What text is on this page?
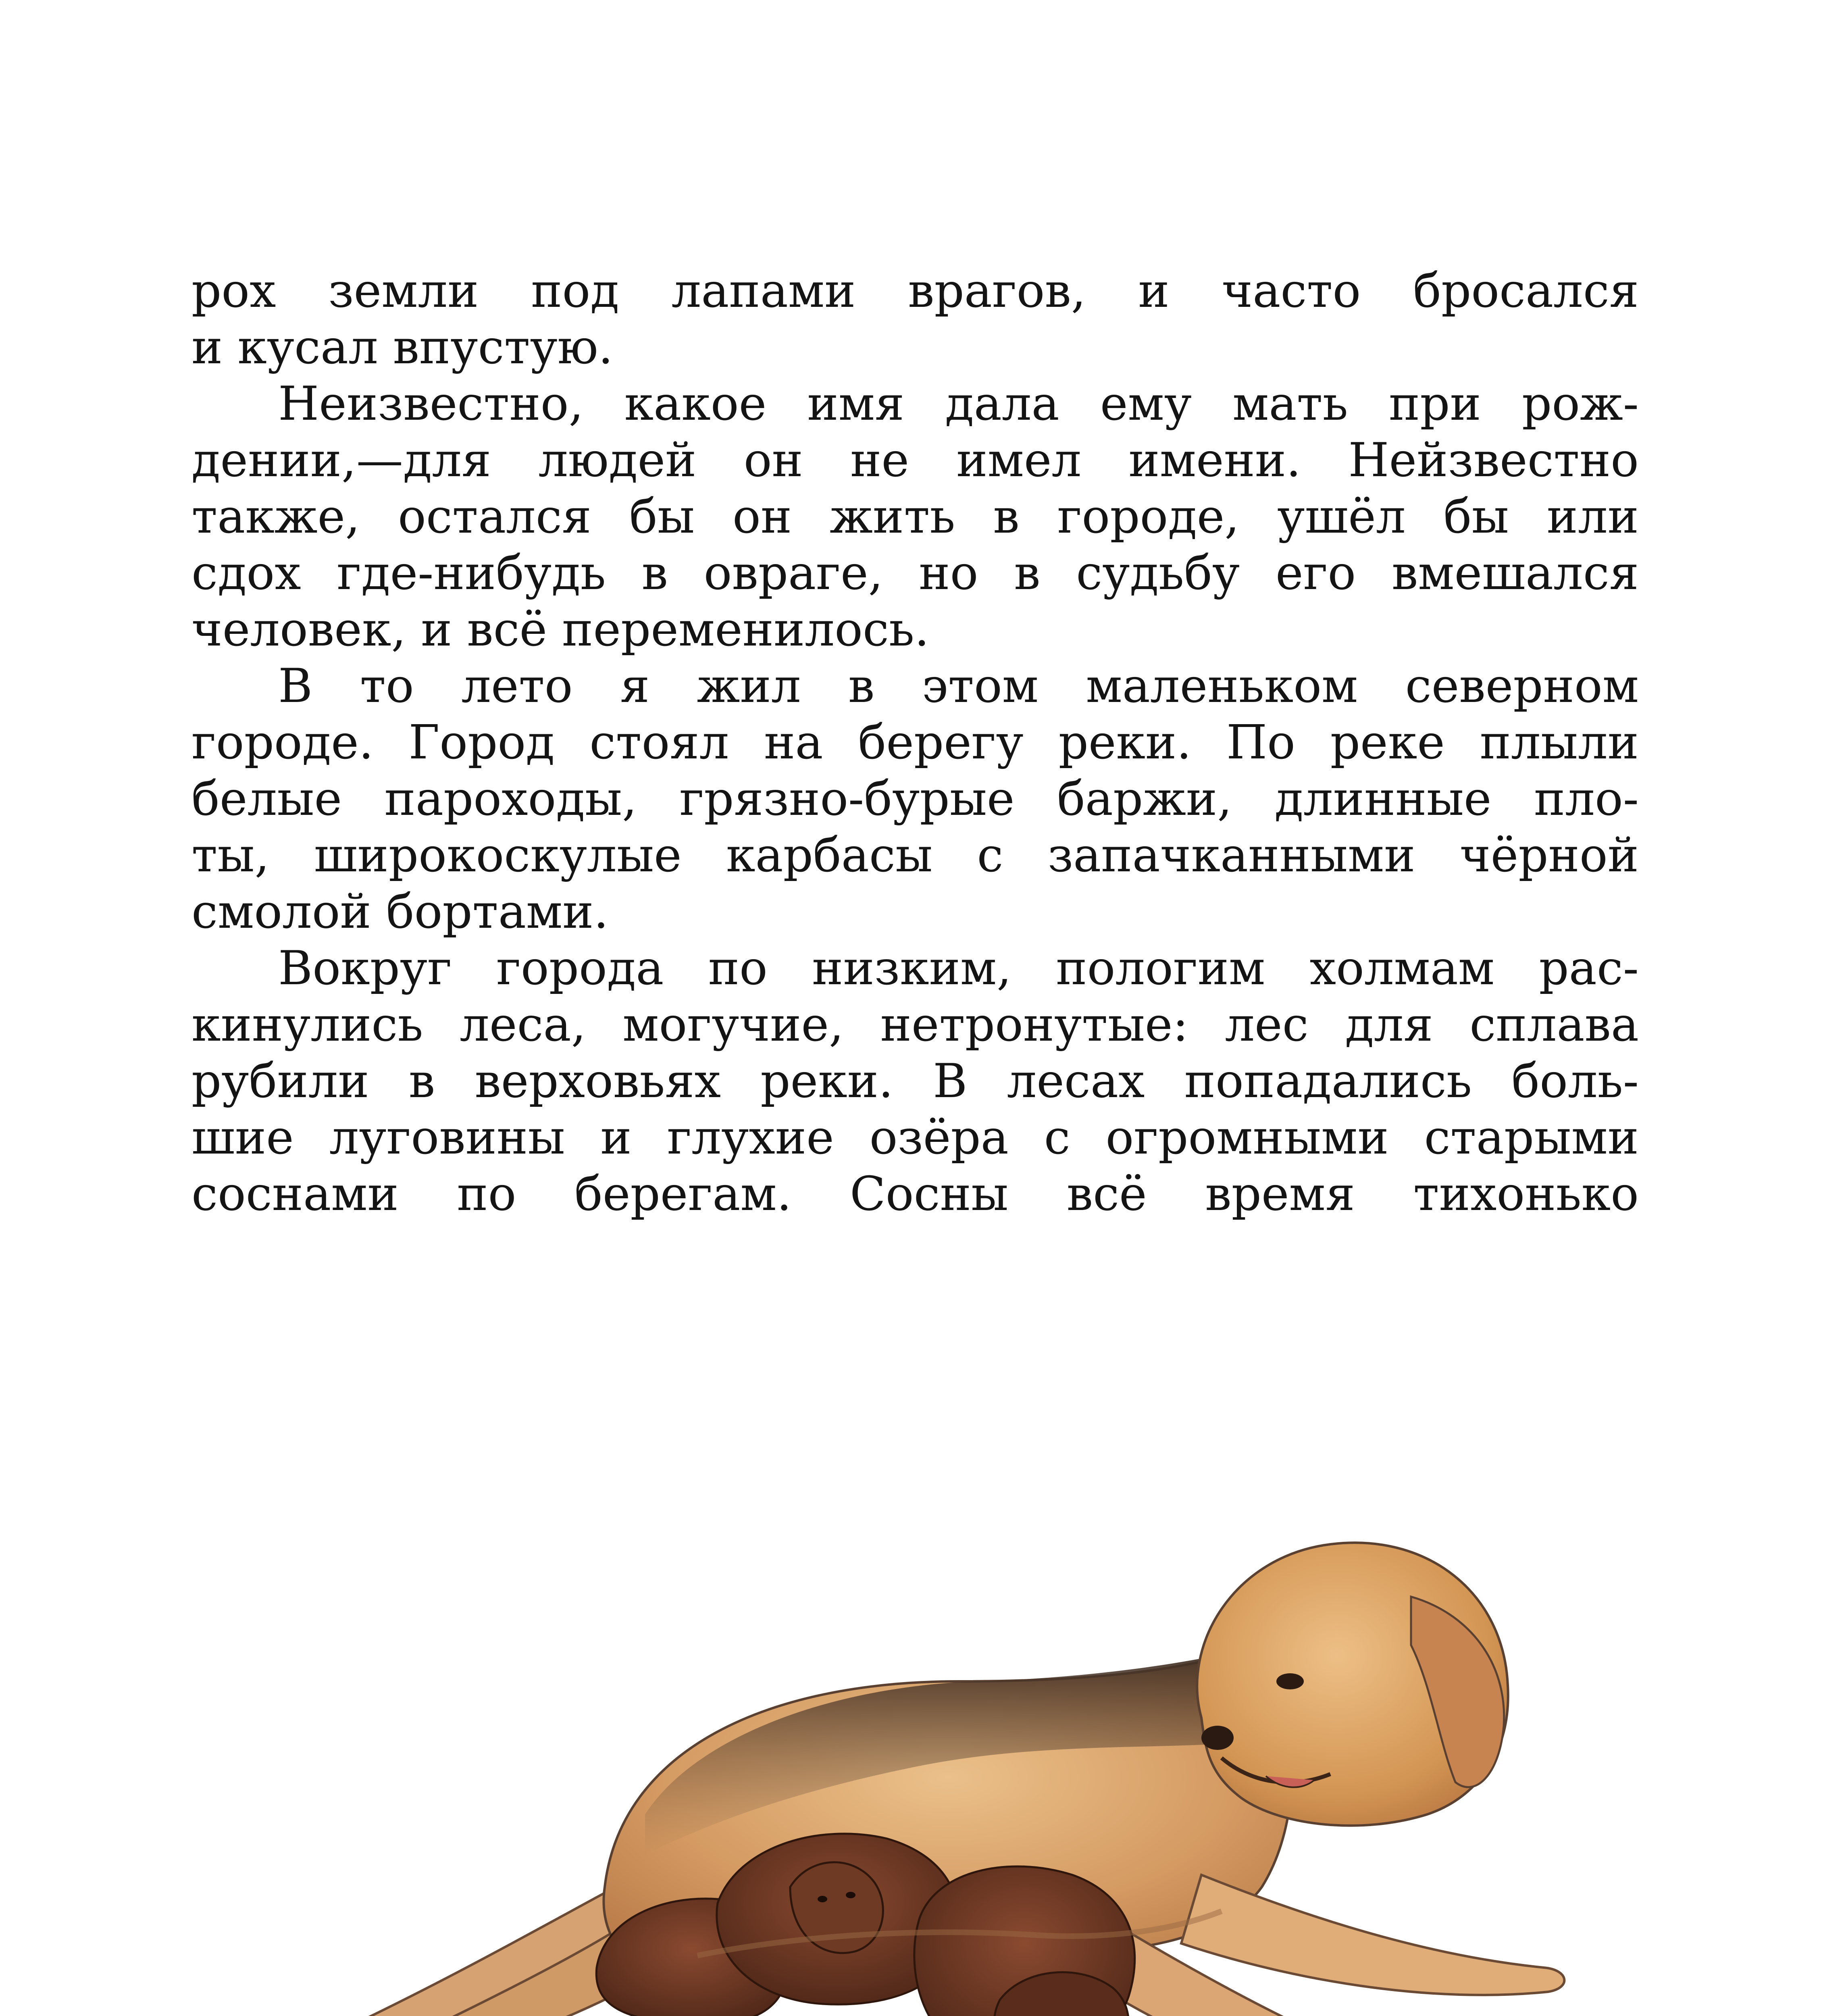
рох земли под лапами врагов, и часто бросался
и кусал впустую.
Неизвестно, какое имя дала ему мать при рож-
дении,—для людей он не имел имени. Нейзвестно
также, остался бы он жить в городе, ушёл бы или
сдох где-нибудь в овраге, но в судьбу его вмешался
человек, и всё переменилось.
В то лето я жил в этом маленьком северном
городе. Город стоял на берегу реки. По реке плыли
белые пароходы, грязно-бурые баржи, длинные пло-
ты, широкоскулые карбасы с запачканными чёрной
смолой бортами.
Вокруг города по низким, пологим холмам рас-
кинулись леса, могучие, нетронутые: лес для сплава
рубили в верховьях реки. В лесах попадались боль-
шие луговины и глухие озёра с огромными старыми
соснами по берегам. Сосны всё время тихонько
